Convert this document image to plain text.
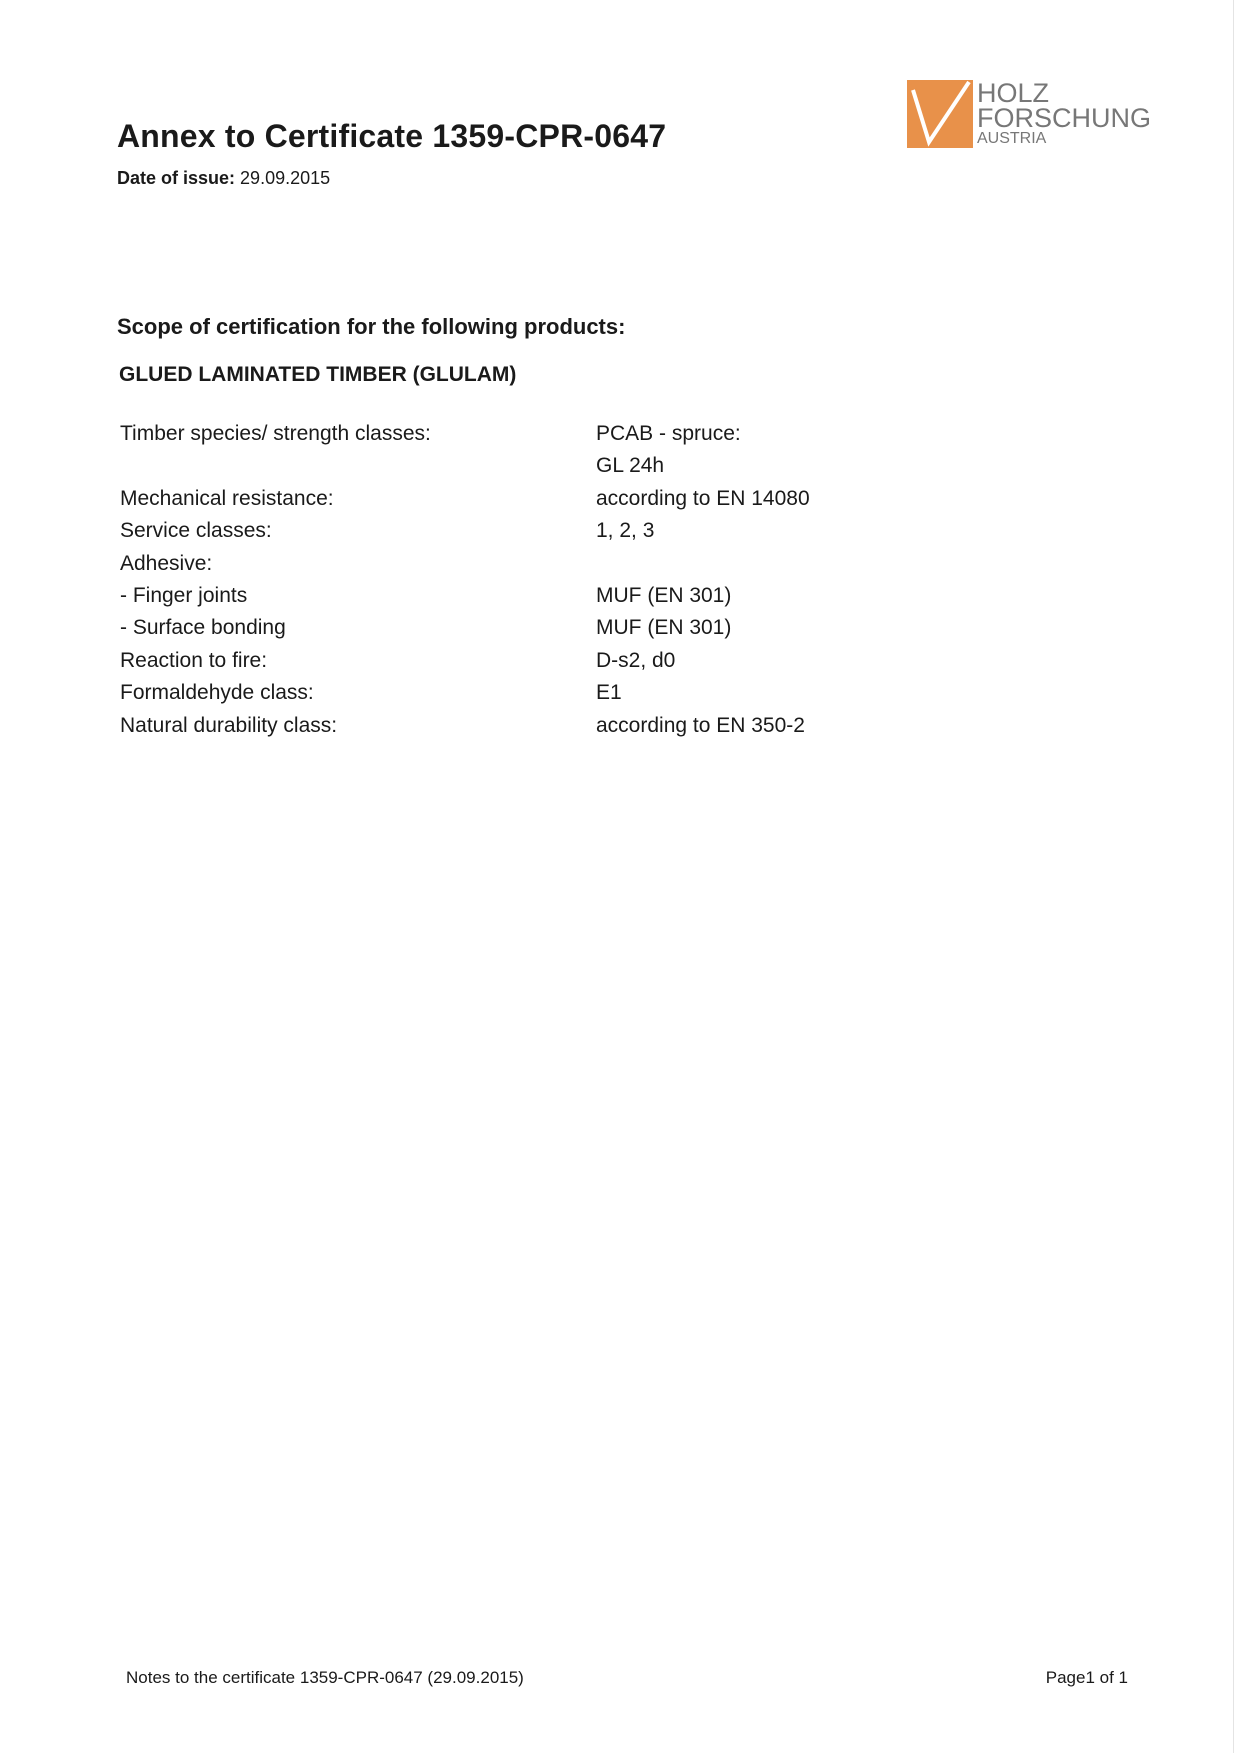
Annex to Certificate 1359-CPR-0647
Date of issue: 29.09.2015
HOLZ
FORSCHUNG
AUSTRIA
Scope of certification for the following products:
GLUED LAMINATED TIMBER (GLULAM)
Timber species/ strength classes:	PCAB - spruce:
GL 24h
Mechanical resistance:	according to EN 14080
Service classes:	1, 2, 3
Adhesive:
- Finger joints	MUF (EN 301)
- Surface bonding	MUF (EN 301)
Reaction to fire:	D-s2, d0
Formaldehyde class:	E1
Natural durability class:	according to EN 350-2
Notes to the certificate 1359-CPR-0647 (29.09.2015)	Page1 of 1
